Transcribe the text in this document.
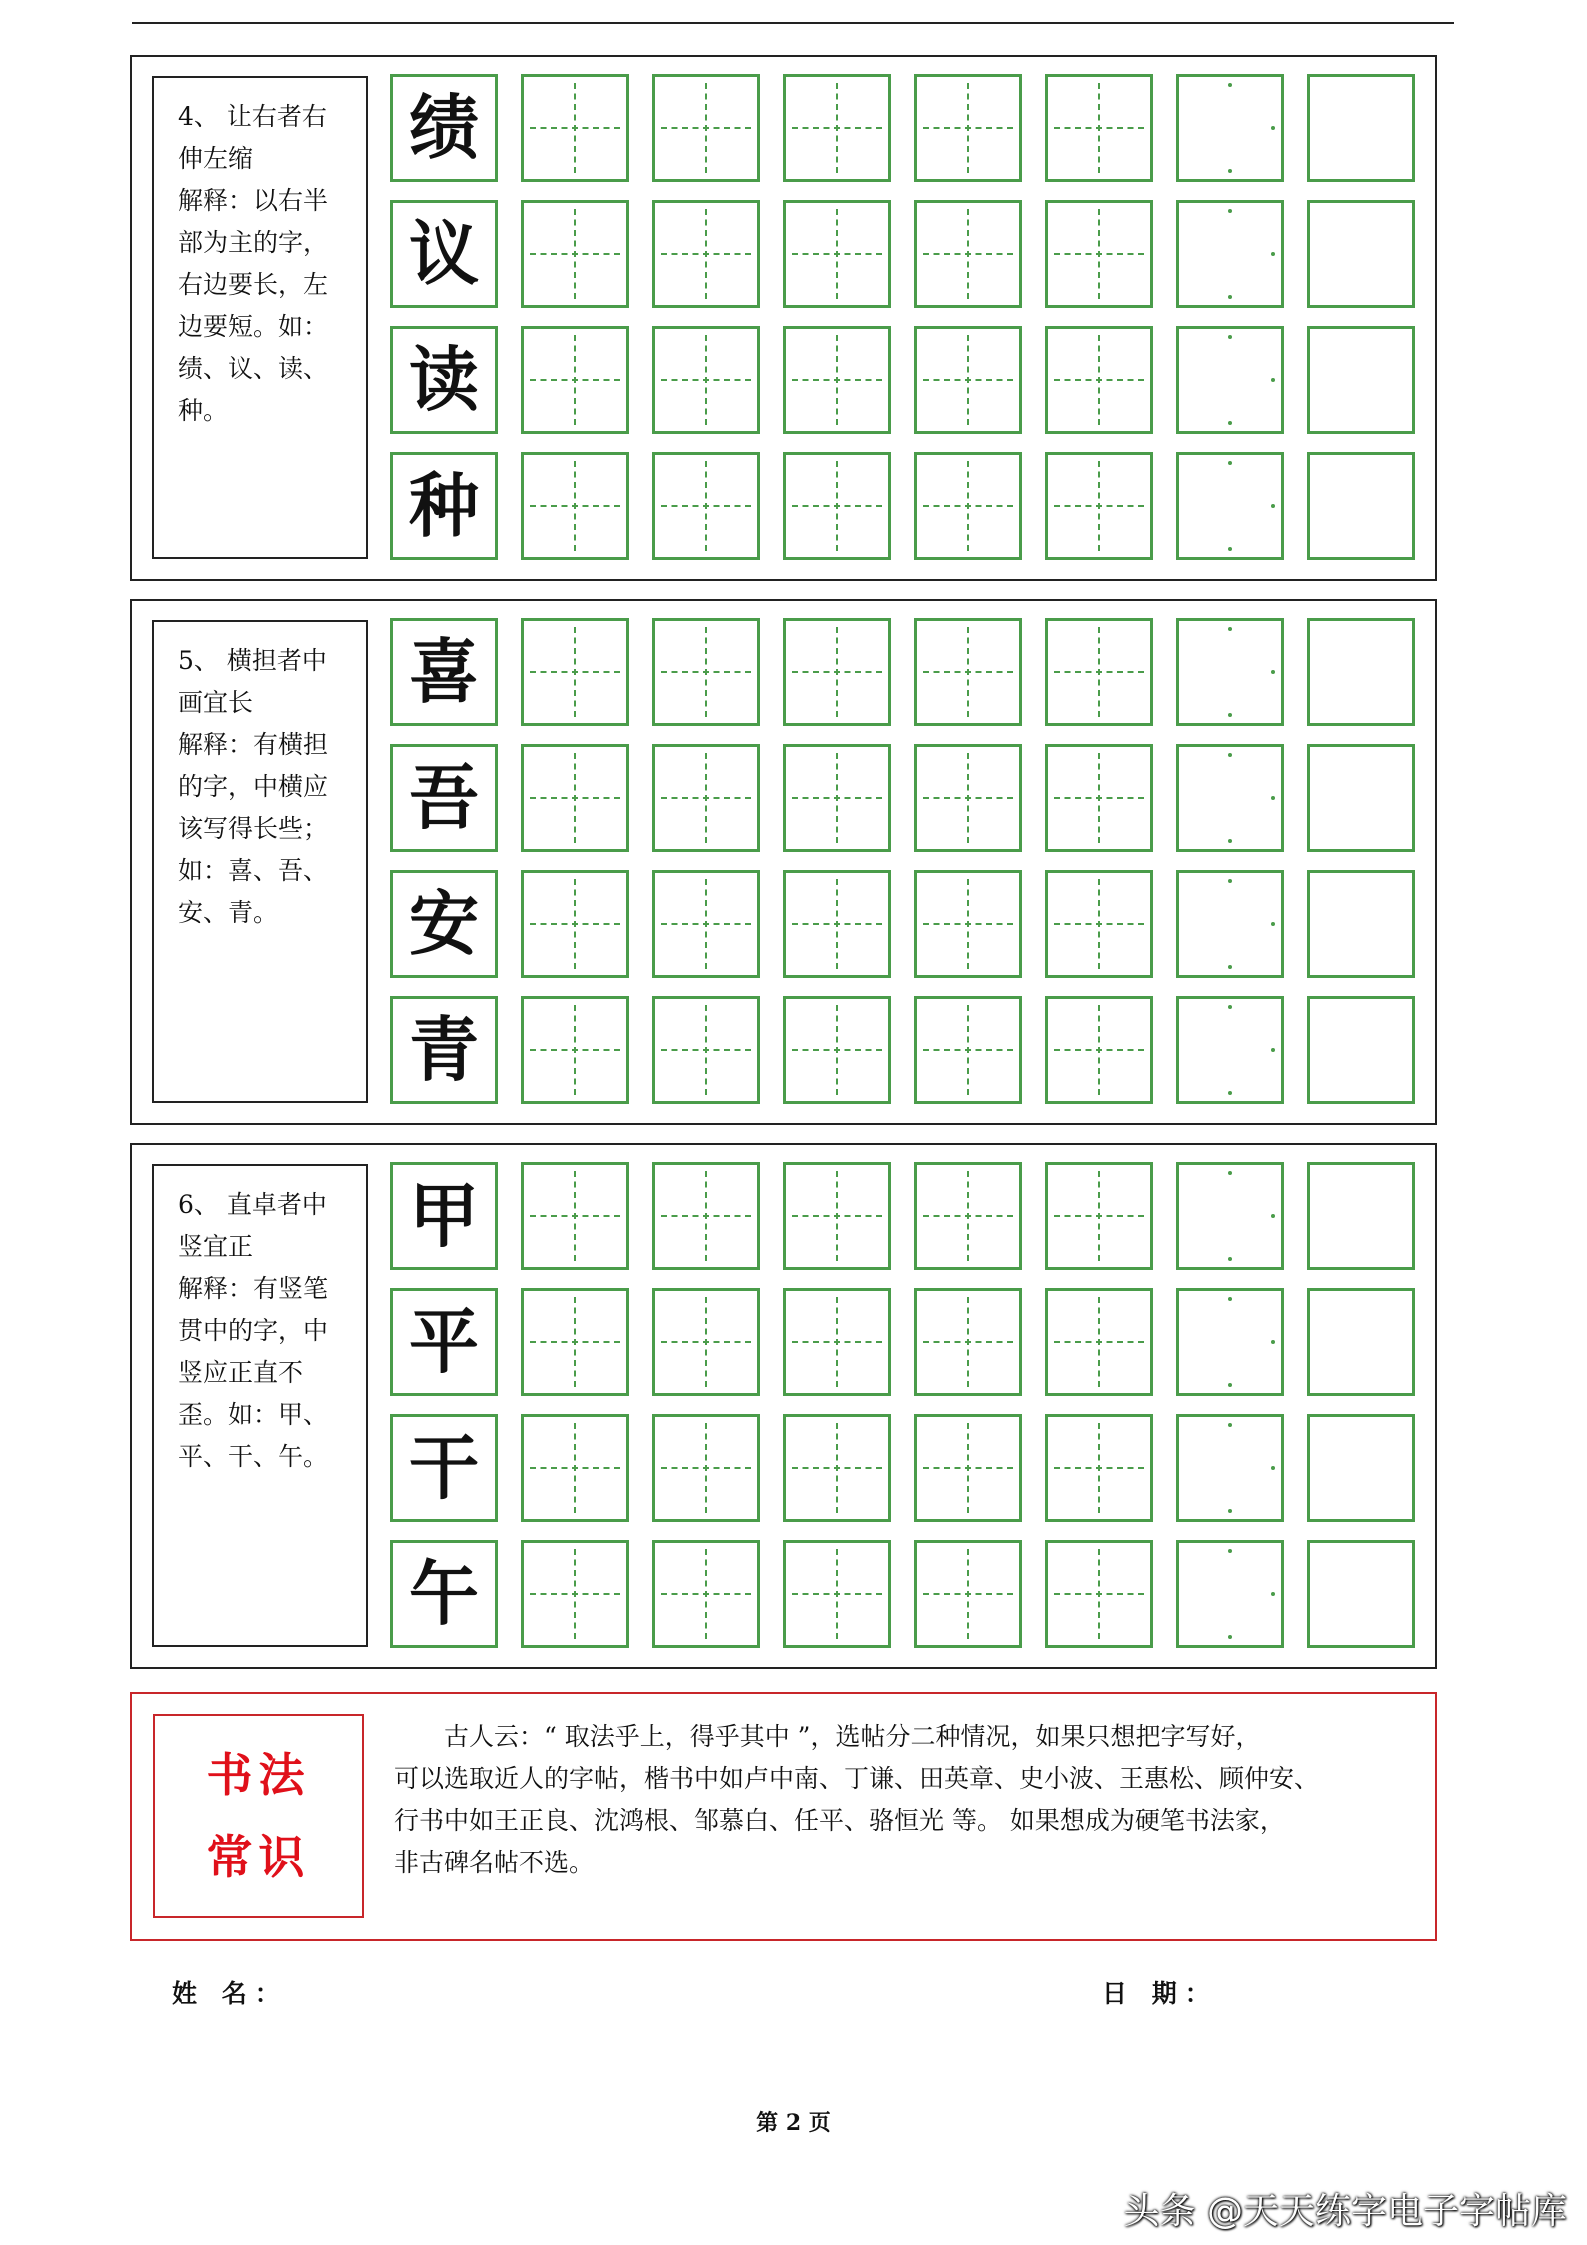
4、 让右者右
伸左缩
解释：以右半
部为主的字，
右边要长，左
边要短。如：
绩、议、读、
种。
绩
议
读
种
5、 横担者中
画宜长
解释：有横担
的字，中横应
该写得长些；
如：喜、吾、
安、青。
喜
吾
安
青
6、 直卓者中
竖宜正
解释：有竖笔
贯中的字，中
竖应正直不
歪。如：甲、
平、干、午。
甲
平
干
午
书法
常识
　　古人云：“ 取法乎上，得乎其中 ”，选帖分二种情况，如果只想把字写好，
可以选取近人的字帖，楷书中如卢中南、丁谦、田英章、史小波、王惠松、顾仲安、
行书中如王正良、沈鸿根、邹慕白、任平、骆恒光 等。 如果想成为硬笔书法家，
非古碑名帖不选。
姓 名：	日 期：
第 2 页
头条 @天天练字电子字帖库
